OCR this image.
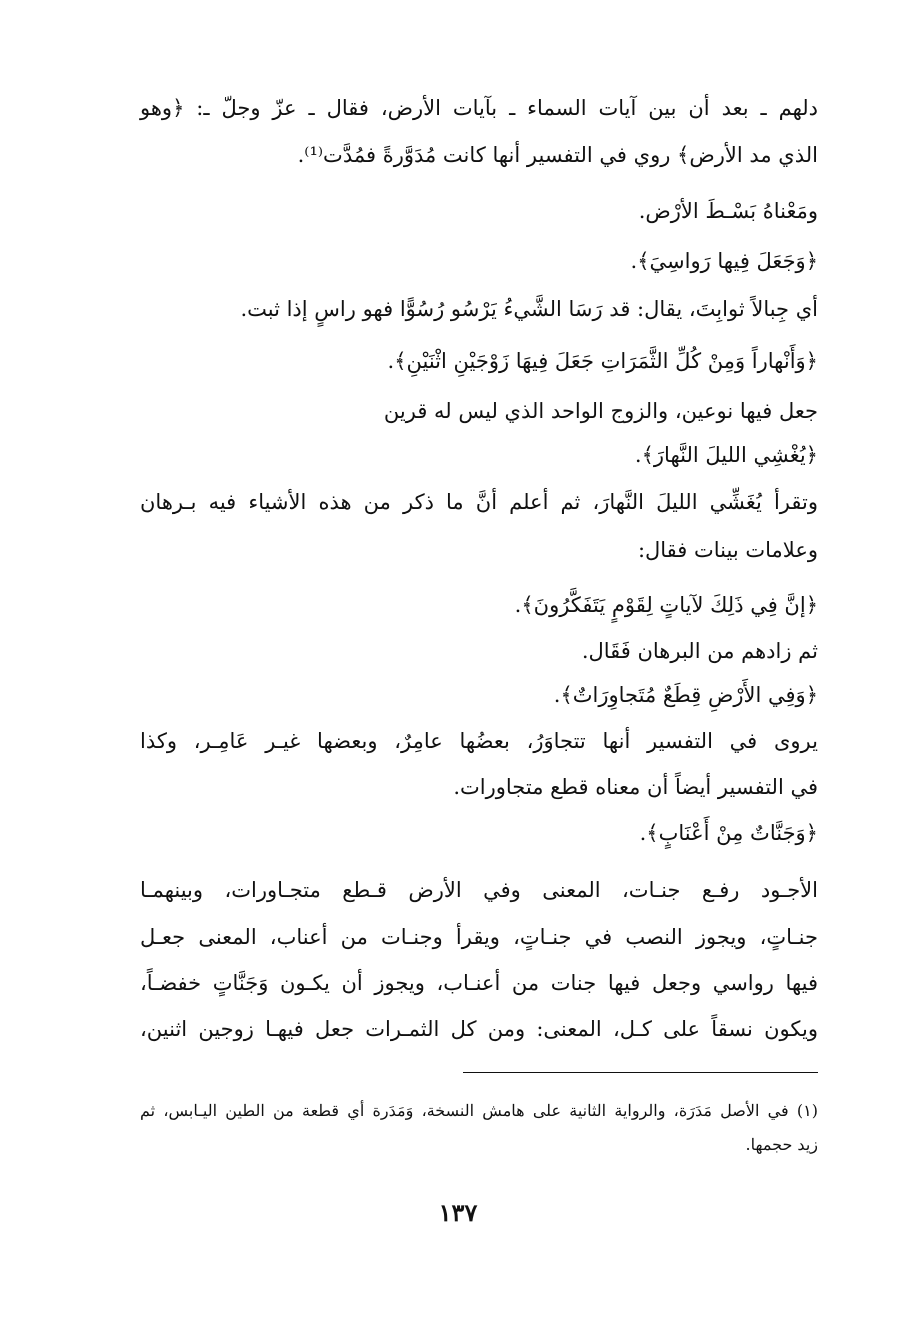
دلهم ـ بعد أن بين آيات السماء ـ بآيات الأرض، فقال ـ عزّ وجلّ ـ: ﴿وهو
الذي مد الأرض﴾ روي في التفسير أنها كانت مُدَوَّرةً فمُدَّت⁽¹⁾.
ومَعْناهُ بَسْـطَ الأرْض.
﴿وَجَعَلَ فِيها رَواسِيَ﴾.
أي جِبالاً ثوابِتَ، يقال: قد رَسَا الشَّيءُ يَرْسُو رُسُوًّا فهو راسٍ إذا ثبت.
﴿وَأَنْهاراً وَمِنْ كُلِّ الثَّمَرَاتِ جَعَلَ فِيهَا زَوْجَيْنِ اثْنَيْنِ﴾.
جعل فيها نوعين، والزوج الواحد الذي ليس له قرين
﴿يُغْشِي الليلَ النَّهارَ﴾.
وتقرأ يُغَشِّي الليلَ النَّهارَ، ثم أعلم أنَّ ما ذكر من هذه الأشياء فيه بـرهان
وعلامات بينات فقال:
﴿إنَّ فِي ذَلِكَ لآياتٍ لِقَوْمٍ يَتَفَكَّرُونَ﴾.
ثم زادهم من البرهان فَقَال.
﴿وَفِي الأَرْضِ قِطَعٌ مُتَجاوِرَاتٌ﴾.
يروى في التفسير أنها تتجاوَرُ، بعضُها عامِرٌ، وبعضها غيـر عَامِـر، وكذا
في التفسير أيضاً أن معناه قطع متجاورات.
﴿وَجَنَّاتٌ مِنْ أَعْنَابٍ﴾.
الأجـود رفـع جنـات، المعنى وفي الأرض قـطع متجـاورات، وبينهمـا
جنـاتٍ، ويجوز النصب في جنـاتٍ، ويقرأ وجنـات من أعناب، المعنى جعـل
فيها رواسي وجعل فيها جنات من أعنـاب، ويجوز أن يكـون وَجَنَّاتٍ خفضـاً،
ويكون نسقاً على كـل، المعنى: ومن كل الثمـرات جعل فيهـا زوجين اثنين،
(١) في الأصل مَدَرَة، والرواية الثانية على هامش النسخة، وَمَدَرة أي قطعة من الطين اليـابس، ثم
زيد حجمها.
١٣٧
